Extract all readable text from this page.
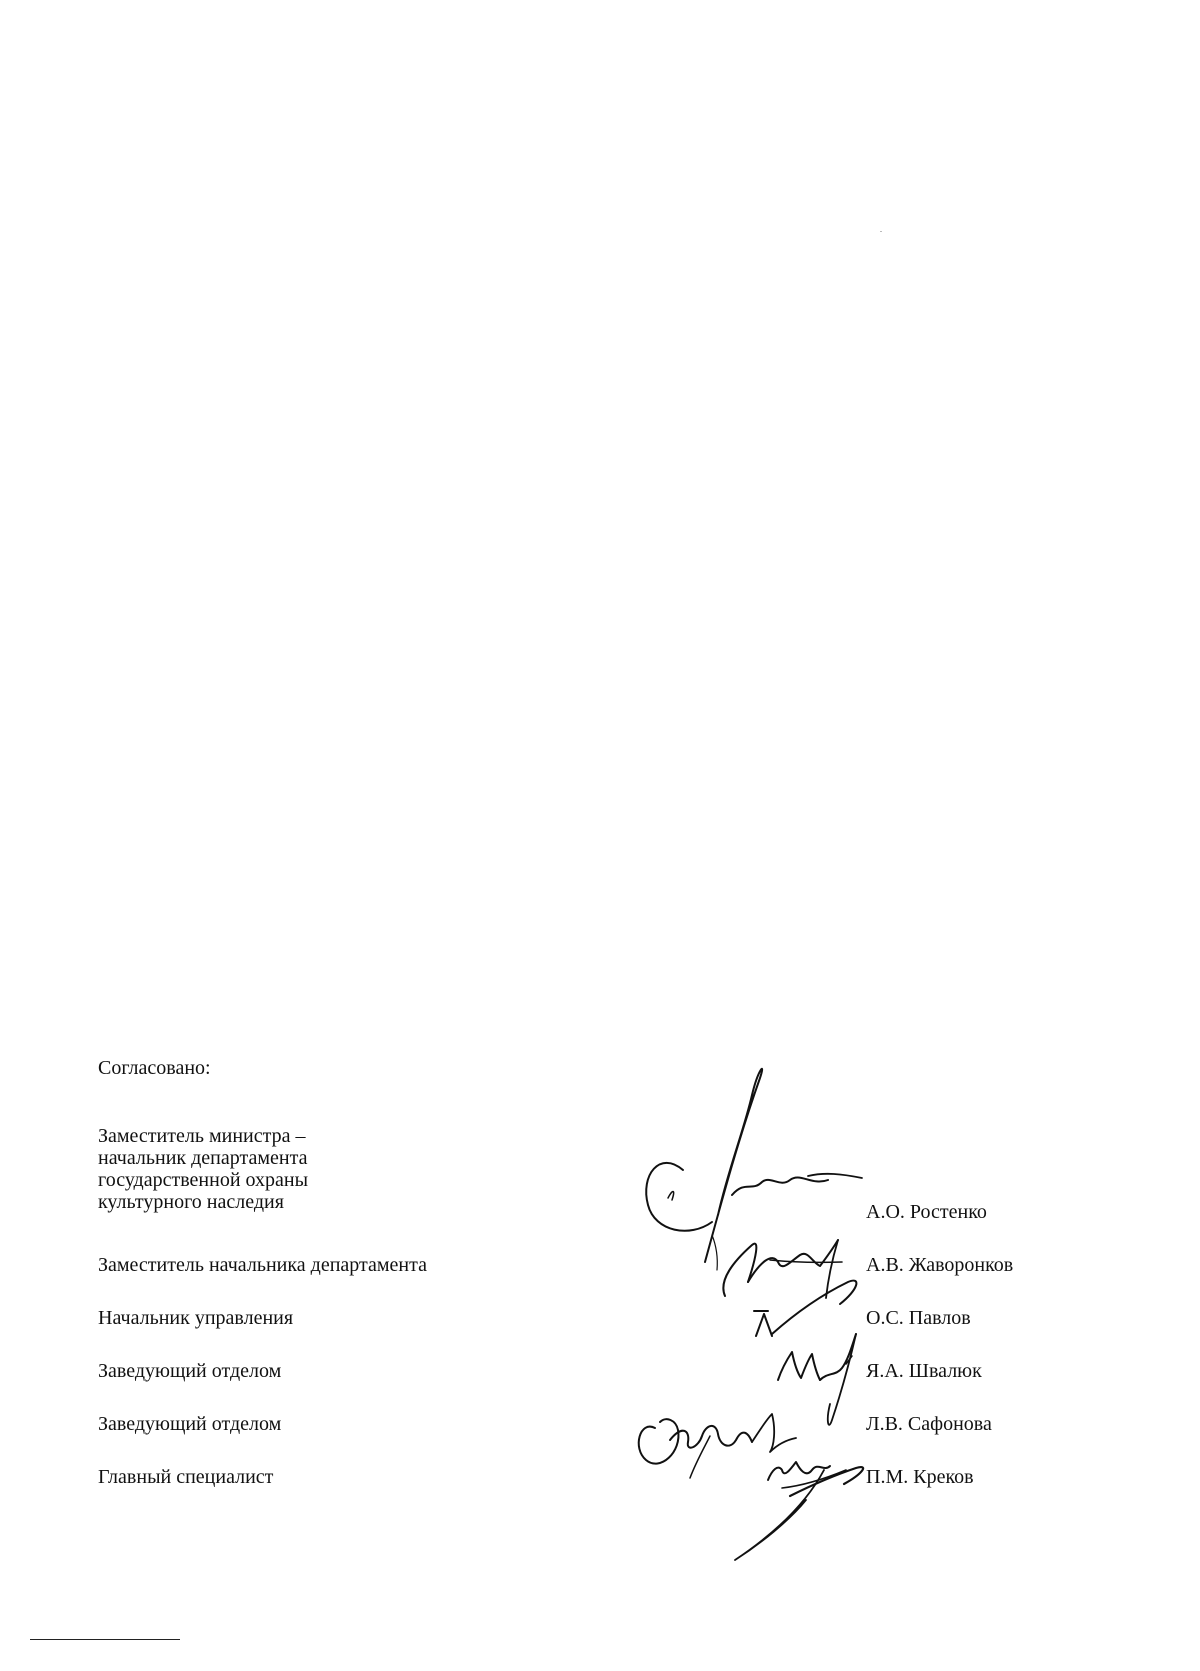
Согласовано:
Заместитель министра –
начальник департамента
государственной охраны
культурного наследия	А.О. Ростенко
Заместитель начальника департамента	А.В. Жаворонков
Начальник управления	О.С. Павлов
Заведующий отделом	Я.А. Швалюк
Заведующий отделом	Л.В. Сафонова
Главный специалист	П.М. Креков
